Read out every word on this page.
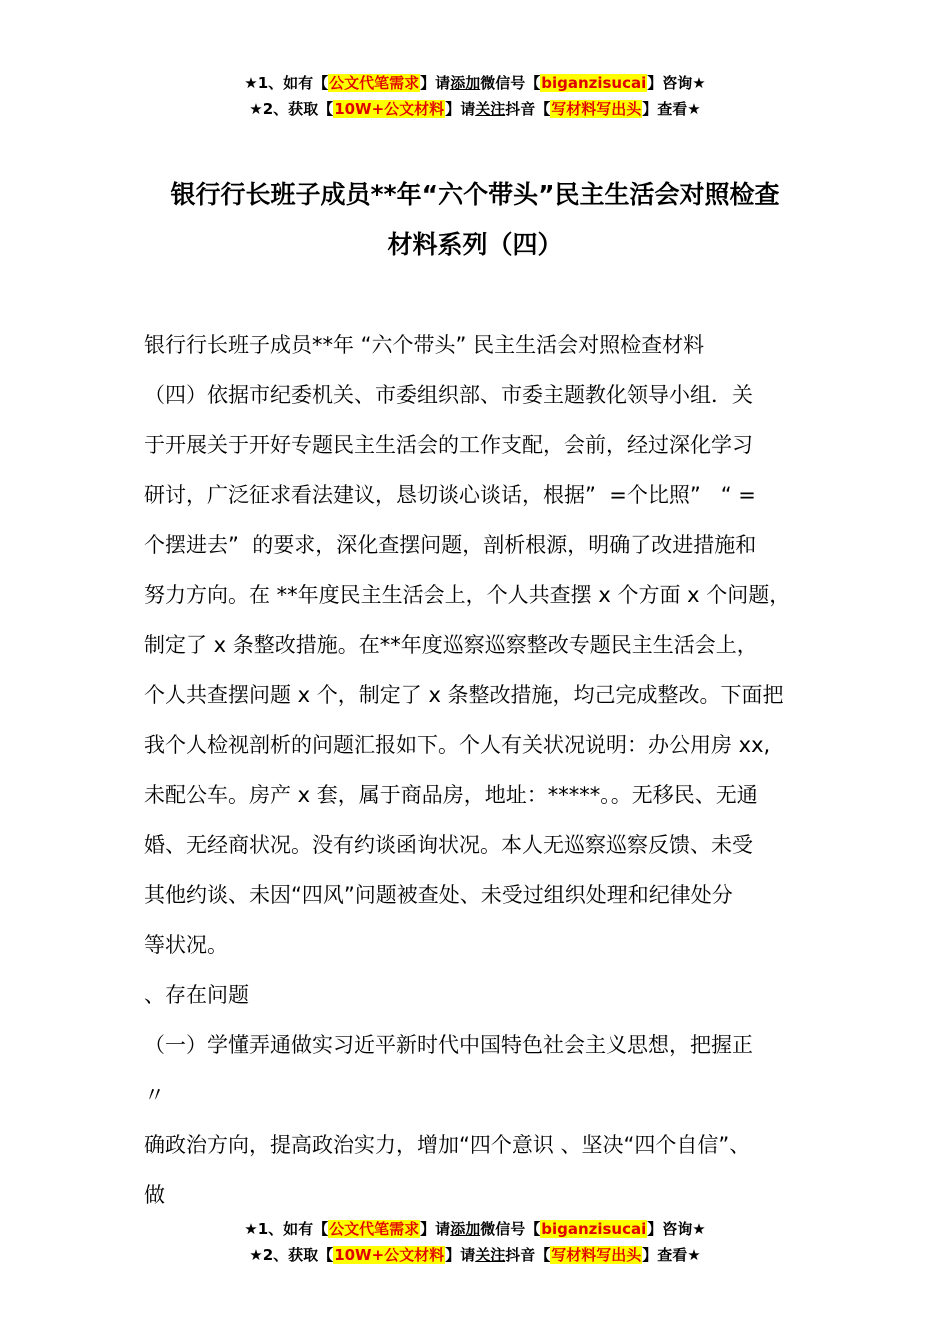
★1、如有【公文代笔需求】请添加微信号【biganzisucai】咨询★
★2、获取【10W+公文材料】请关注抖音【写材料写出头】查看★
银行行长班子成员**年“六个带头”民主生活会对照检查
材料系列（四）

银行行长班子成员**年 “六个带头” 民主生活会对照检查材料

（四）依据市纪委机关、市委组织部、市委主题教化领导小组．关

于开展关于开好专题民主生活会的工作支配，会前，经过深化学习

研讨，广泛征求看法建议，恳切谈心谈话，根据”  =个比照”   “ =

个摆进去”  的要求，深化查摆问题，剖析根源，明确了改进措施和

努力方向。在 **年度民主生活会上，个人共查摆 x 个方面 x 个问题，

制定了 x 条整改措施。在**年度巡察巡察整改专题民主生活会上，

个人共查摆问题 x 个，制定了 x 条整改措施，均己完成整改。下面把

我个人检视剖析的问题汇报如下。个人有关状况说明：办公用房 xx,

未配公车。房产 x 套，属于商品房，地址：*****。。无移民、无通

婚、无经商状况。没有约谈函询状况。本人无巡察巡察反馈、未受

其他约谈、未因“四风”问题被查处、未受过组织处理和纪律处分

等状况。

、存在问题

（一）学懂弄通做实习近平新时代中国特色社会主义思想，把握正

〃

确政治方向，提高政治实力，增加“四个意识 、坚决“四个自信”、

做

★1、如有【公文代笔需求】请添加微信号【biganzisucai】咨询★
★2、获取【10W+公文材料】请关注抖音【写材料写出头】查看★
